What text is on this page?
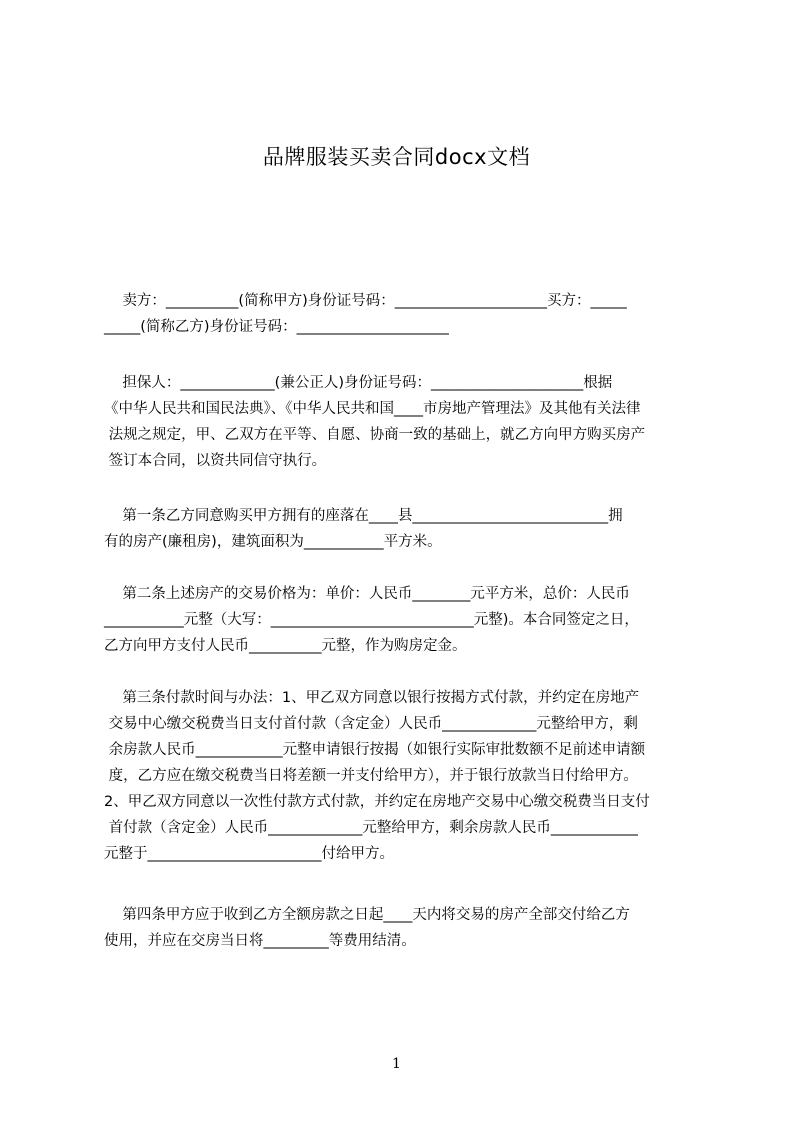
品牌服装买卖合同docx文档
卖方：__________(简称甲方)身份证号码：_____________________买方：_____
_____(简称乙方)身份证号码：_____________________
担保人：_____________(兼公正人)身份证号码：_____________________根据
《中华人民共和国民法典》、《中华人民共和国____市房地产管理法》及其他有关法律
法规之规定，甲、乙双方在平等、自愿、协商一致的基础上，就乙方向甲方购买房产
签订本合同，以资共同信守执行。
第一条乙方同意购买甲方拥有的座落在____县___________________________拥
有的房产(廉租房)，建筑面积为___________平方米。
第二条上述房产的交易价格为：单价：人民币________元平方米，总价：人民币
___________元整（大写：____________________________元整)。本合同签定之日，
乙方向甲方支付人民币__________元整，作为购房定金。
第三条付款时间与办法：1、甲乙双方同意以银行按揭方式付款，并约定在房地产
交易中心缴交税费当日支付首付款（含定金）人民币_____________元整给甲方，剩
余房款人民币____________元整申请银行按揭（如银行实际审批数额不足前述申请额
度，乙方应在缴交税费当日将差额一并支付给甲方），并于银行放款当日付给甲方。
2、甲乙双方同意以一次性付款方式付款，并约定在房地产交易中心缴交税费当日支付
首付款（含定金）人民币_____________元整给甲方，剩余房款人民币____________
元整于________________________付给甲方。
第四条甲方应于收到乙方全额房款之日起____天内将交易的房产全部交付给乙方
使用，并应在交房当日将_________等费用结清。
1
